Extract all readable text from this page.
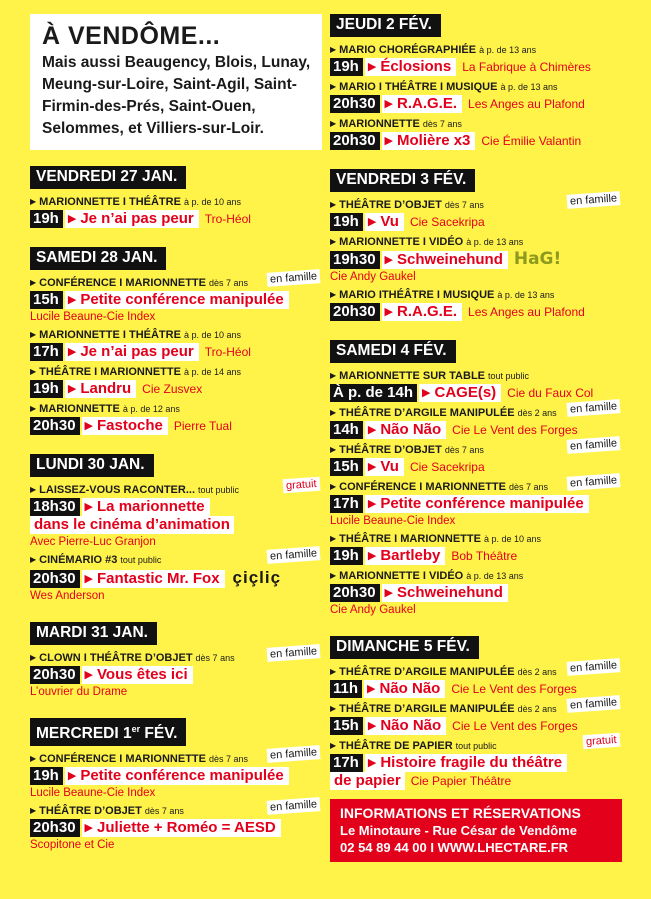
À VENDÔME...
Mais aussi Beaugency, Blois, Lunay, Meung-sur-Loire, Saint-Agil, Saint-Firmin-des-Prés, Saint-Ouen, Selommes, et Villiers-sur-Loir.
VENDREDI 27 JAN.
▶ MARIONNETTE I THÉÂTRE à p. de 10 ans
19h ▶ Je n’ai pas peur Tro-Héol
SAMEDI 28 JAN.
en famille
▶ CONFÉRENCE I MARIONNETTE dès 7 ans
15h ▶ Petite conférence manipulée
Lucile Beaune-Cie Index
▶ MARIONNETTE I THÉÂTRE à p. de 10 ans
17h ▶ Je n’ai pas peur Tro-Héol
▶ THÉÂTRE I MARIONNETTE à p. de 14 ans
19h ▶ Landru Cie Zusvex
▶ MARIONNETTE à p. de 12 ans
20h30 ▶ Fastoche Pierre Tual
LUNDI 30 JAN.
gratuit
▶ LAISSEZ-VOUS RACONTER... tout public
18h30 ▶ La marionnette
dans le cinéma d’animation
Avec Pierre-Luc Granjon
en famille
▶ CINÉMARIO #3 tout public
20h30 ▶ Fantastic Mr. Fox çiçliç
Wes Anderson
MARDI 31 JAN.
en famille
▶ CLOWN I THÉÂTRE D’OBJET dès 7 ans
20h30 ▶ Vous êtes ici
L’ouvrier du Drame
MERCREDI 1er FÉV.
en famille
▶ CONFÉRENCE I MARIONNETTE dès 7 ans
19h ▶ Petite conférence manipulée
Lucile Beaune-Cie Index
en famille
▶ THÉÂTRE D’OBJET dès 7 ans
20h30 ▶ Juliette + Roméo = AESD
Scopitone et Cie
JEUDI 2 FÉV.
▶ MARIO CHORÉGRAPHIÉE à p. de 13 ans
19h ▶ Éclosions La Fabrique à Chimères
▶ MARIO I THÉÂTRE I MUSIQUE à p. de 13 ans
20h30 ▶ R.A.G.E. Les Anges au Plafond
▶ MARIONNETTE dès 7 ans
20h30 ▶ Molière x3 Cie Émilie Valantin
VENDREDI 3 FÉV.
en famille
▶ THÉÂTRE D’OBJET dès 7 ans
19h ▶ Vu Cie Sacekripa
▶ MARIONNETTE I VIDÉO à p. de 13 ans
19h30 ▶ Schweinehund HaG!
Cie Andy Gaukel
▶ MARIO ITHÉÂTRE I MUSIQUE à p. de 13 ans
20h30 ▶ R.A.G.E. Les Anges au Plafond
SAMEDI 4 FÉV.
▶ MARIONNETTE SUR TABLE tout public
À p. de 14h ▶ CAGE(s) Cie du Faux Col
en famille
▶ THÉÂTRE D’ARGILE MANIPULÉE dès 2 ans
14h ▶ Não Não Cie Le Vent des Forges
en famille
▶ THÉÂTRE D’OBJET dès 7 ans
15h ▶ Vu Cie Sacekripa
en famille
▶ CONFÉRENCE I MARIONNETTE dès 7 ans
17h ▶ Petite conférence manipulée
Lucile Beaune-Cie Index
▶ THÉÂTRE I MARIONNETTE à p. de 10 ans
19h ▶ Bartleby Bob Théâtre
▶ MARIONNETTE I VIDÉO à p. de 13 ans
20h30 ▶ Schweinehund
Cie Andy Gaukel
DIMANCHE 5 FÉV.
en famille
▶ THÉÂTRE D’ARGILE MANIPULÉE dès 2 ans
11h ▶ Não Não Cie Le Vent des Forges
en famille
▶ THÉÂTRE D’ARGILE MANIPULÉE dès 2 ans
15h ▶ Não Não Cie Le Vent des Forges
gratuit
▶ THÉÂTRE DE PAPIER tout public
17h ▶ Histoire fragile du théâtre
de papier Cie Papier Théâtre
INFORMATIONS ET RÉSERVATIONS
Le Minotaure - Rue César de Vendôme
02 54 89 44 00 I WWW.LHECTARE.FR
